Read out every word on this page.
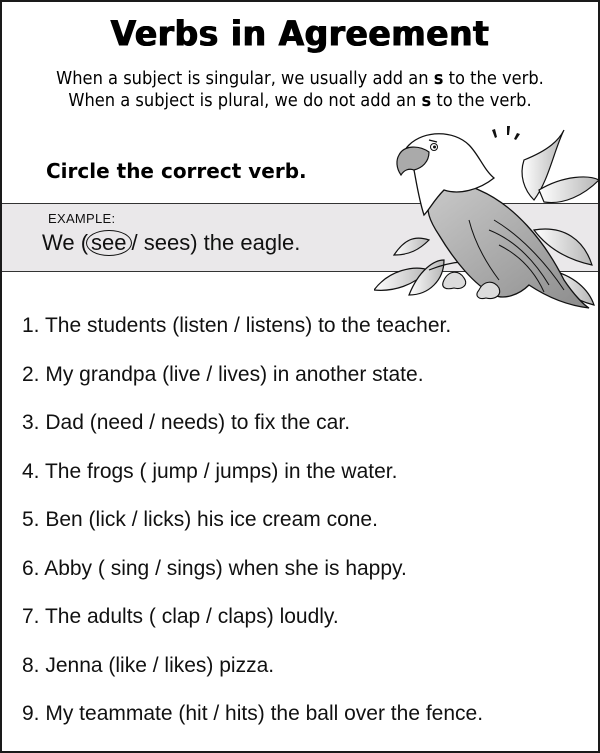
Verbs in Agreement
When a subject is singular, we usually add an s to the verb.
When a subject is plural, we do not add an s to the verb.
Circle the correct verb.
EXAMPLE:
We ( see / sees) the eagle.
1. The students (listen / listens) to the teacher.
2. My grandpa (live / lives) in another state.
3. Dad (need / needs) to fix the car.
4. The frogs ( jump / jumps) in the water.
5. Ben (lick / licks) his ice cream cone.
6. Abby ( sing / sings) when she is happy.
7. The adults ( clap / claps) loudly.
8. Jenna (like / likes) pizza.
9. My teammate (hit / hits) the ball over the fence.
